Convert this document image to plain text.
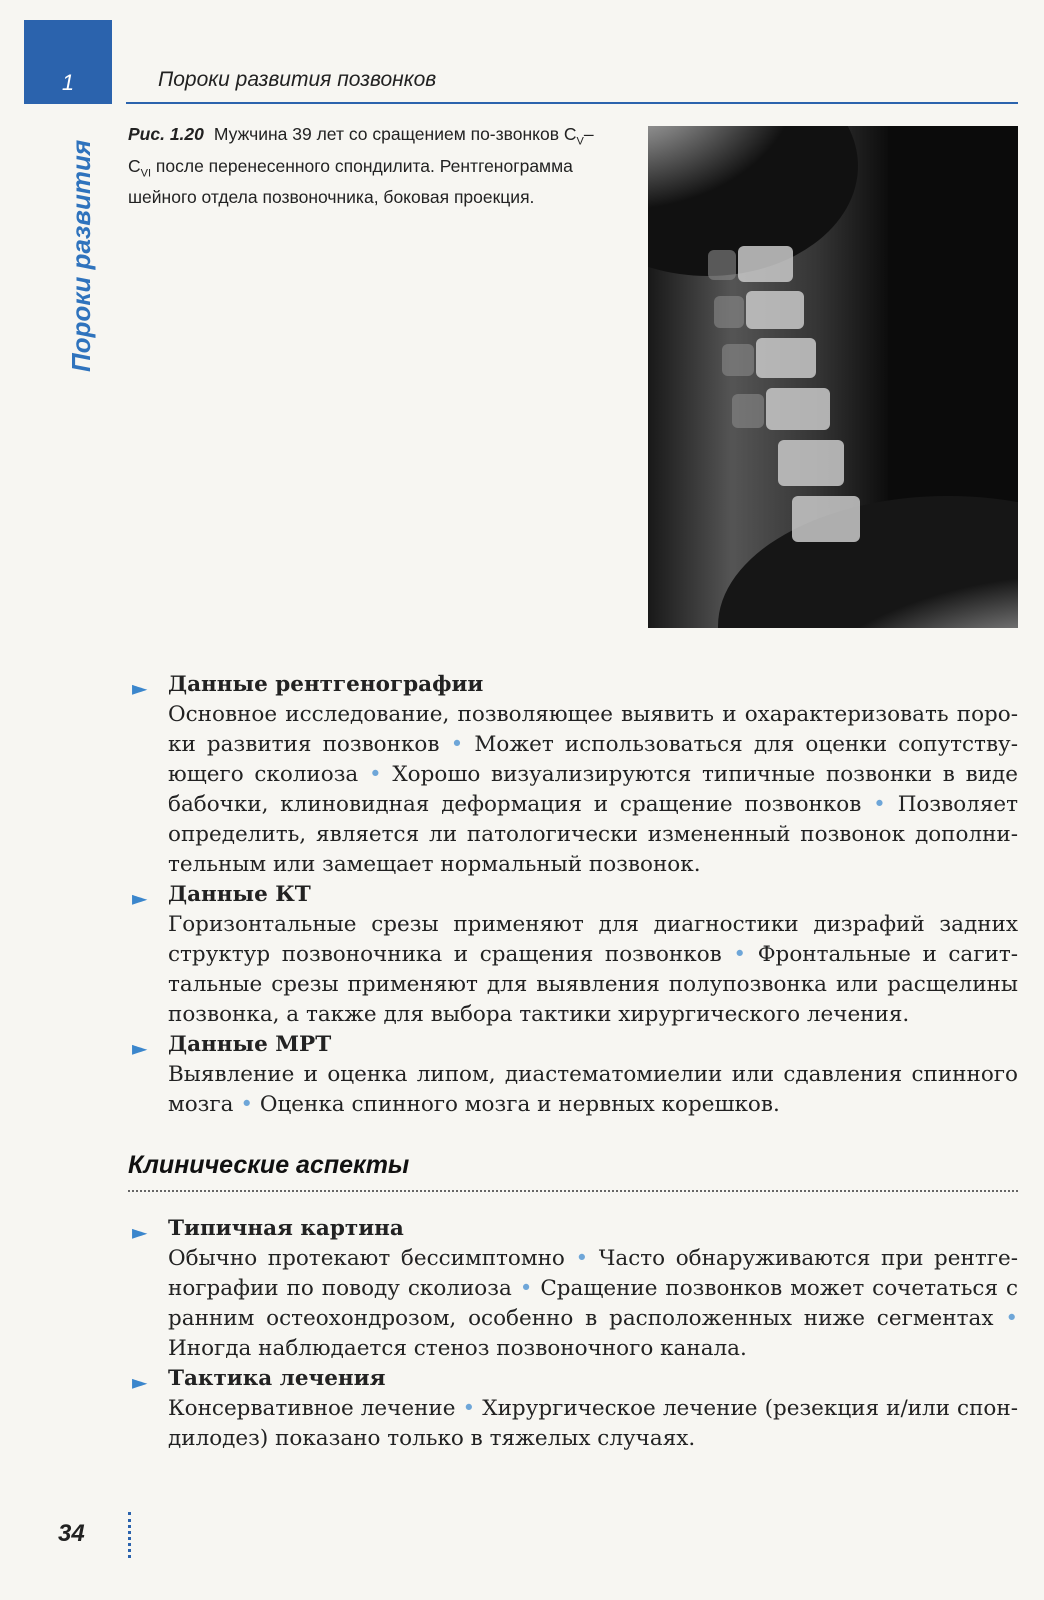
1	Пороки развития позвонков
Пороки развития
Рис. 1.20 Мужчина 39 лет со сращением по-звонков $C_V-C_{VI}$ после перенесенного спондилита. Рентгенограмма шейного отдела позвоночника, боковая проекция.
► Данные рентгенографии
Основное исследование, позволяющее выявить и охарактеризовать пороки развития позвонков • Может использоваться для оценки сопутствующего сколиоза • Хорошо визуализируются типичные позвонки в виде бабочки, клиновидная деформация и сращение позвонков • Позволяет определить, является ли патологически измененный позвонок дополнительным или замещает нормальный позвонок.
► Данные КТ
Горизонтальные срезы применяют для диагностики дизрафий задних структур позвоночника и сращения позвонков • Фронтальные и сагиттальные срезы применяют для выявления полупозвонка или расщелины позвонка, а также для выбора тактики хирургического лечения.
► Данные МРТ
Выявление и оценка липом, диастематомиелии или сдавления спинного мозга • Оценка спинного мозга и нервных корешков.
Клинические аспекты
► Типичная картина
Обычно протекают бессимптомно • Часто обнаруживаются при рентгенографии по поводу сколиоза • Сращение позвонков может сочетаться с ранним остеохондрозом, особенно в расположенных ниже сегментах • Иногда наблюдается стеноз позвоночного канала.
► Тактика лечения
Консервативное лечение • Хирургическое лечение (резекция и/или спондилодез) показано только в тяжелых случаях.
34
